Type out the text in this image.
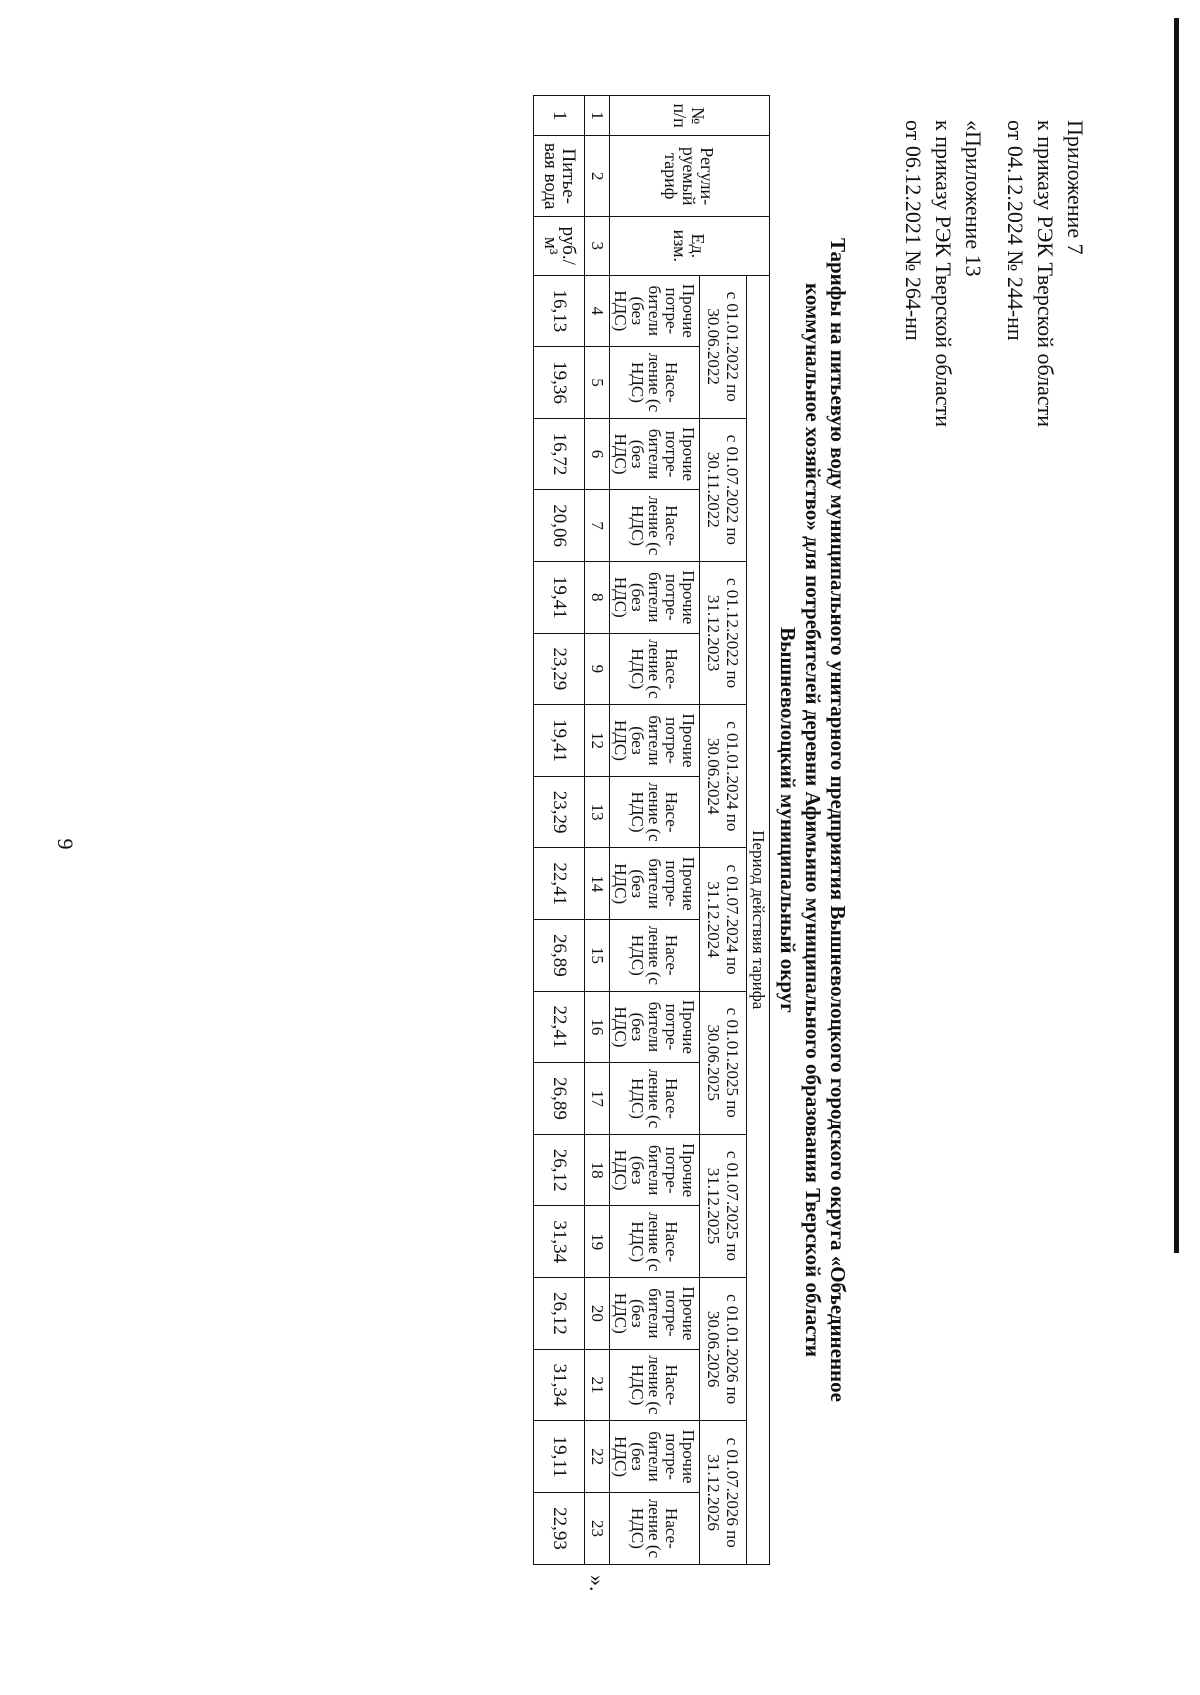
9
Приложение 7
к приказу РЭК Тверской области
от 04.12.2024 № 244-нп
«Приложение 13
к приказу РЭК Тверской области
от 06.12.2021 № 264-нп
Тарифы на питьевую воду муниципального унитарного предприятия Вышневолоцкого городского округа «Объединенное
коммунальное хозяйство» для потребителей деревни Афимьино муниципального образования Тверской области
Вышневолоцкий муниципальный округ
№ п/п	Регули-руемый тариф	Ед. изм.	Период действия тарифа																	
			с 01.01.2022 по 30.06.2022		с 01.07.2022 по 30.11.2022		с 01.12.2022 по 31.12.2023		с 01.01.2024 по 30.06.2024		с 01.07.2024 по 31.12.2024		с 01.01.2025 по 30.06.2025		с 01.07.2025 по 31.12.2025		с 01.01.2026 по 30.06.2026		с 01.07.2026 по 31.12.2026	
			Прочие потре-бители (без НДС)	Насе-ление (с НДС)	Прочие потре-бители (без НДС)	Насе-ление (с НДС)	Прочие потре-бители (без НДС)	Насе-ление (с НДС)	Прочие потре-бители (без НДС)	Насе-ление (с НДС)	Прочие потре-бители (без НДС)	Насе-ление (с НДС)	Прочие потре-бители (без НДС)	Насе-ление (с НДС)	Прочие потре-бители (без НДС)	Насе-ление (с НДС)	Прочие потре-бители (без НДС)	Насе-ление (с НДС)	Прочие потре-бители (без НДС)	Насе-ление (с НДС)
1	2	3	4	5	6	7	8	9	12	13	14	15	16	17	18	19	20	21	22	23
1	Питье-вая вода	руб./м³	16,13	19,36	16,72	20,06	19,41	23,29	19,41	23,29	22,41	26,89	22,41	26,89	26,12	31,34	26,12	31,34	19,11	22,93
».
